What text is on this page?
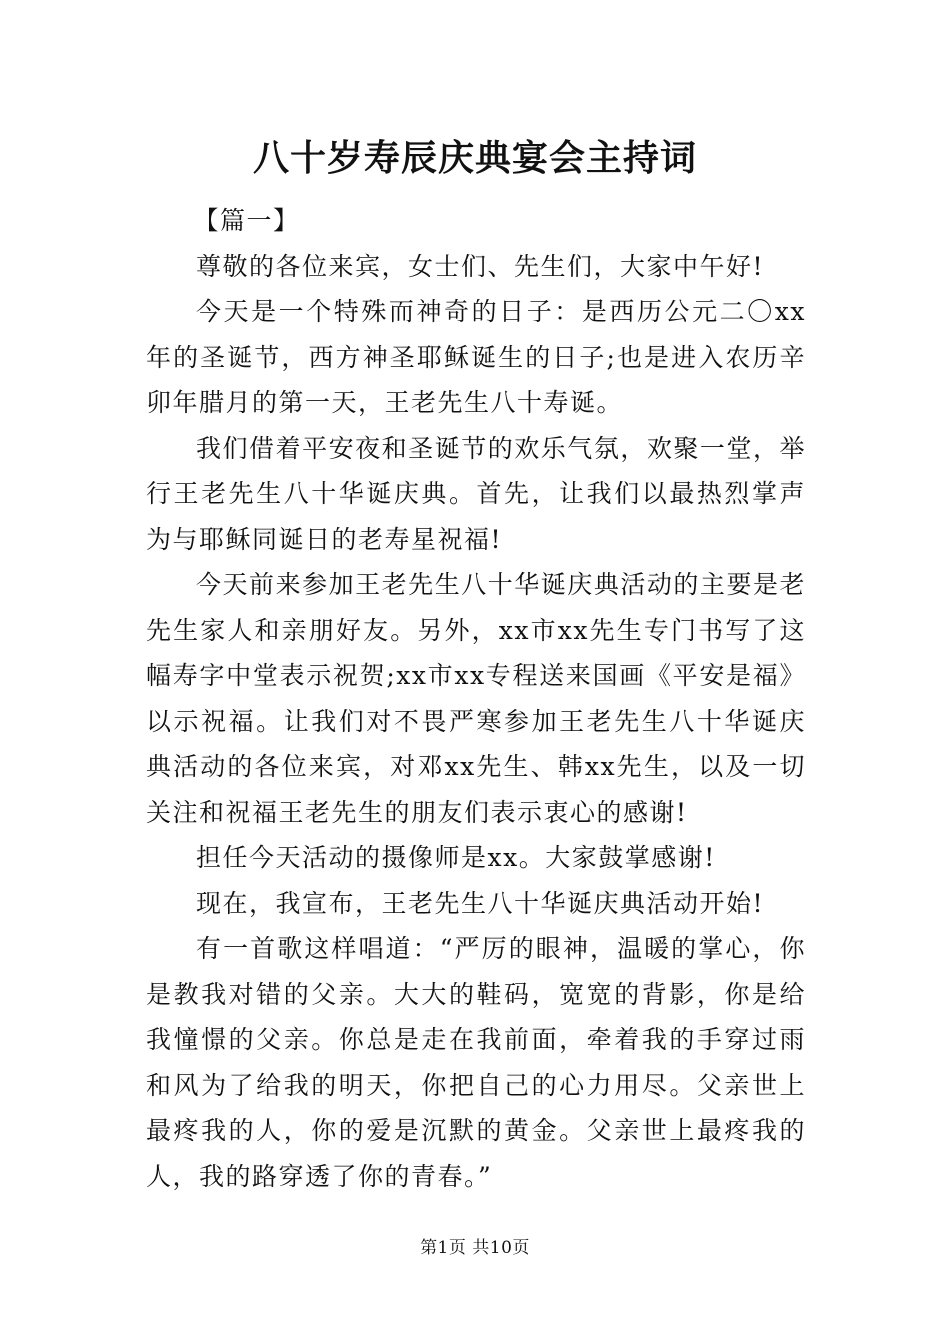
八十岁寿辰庆典宴会主持词

【篇一】

尊敬的各位来宾，女士们、先生们，大家中午好!

今天是一个特殊而神奇的日子：是西历公元二〇xx年的圣诞节，西方神圣耶稣诞生的日子;也是进入农历辛卯年腊月的第一天，王老先生八十寿诞。

我们借着平安夜和圣诞节的欢乐气氛，欢聚一堂，举行王老先生八十华诞庆典。首先，让我们以最热烈掌声为与耶稣同诞日的老寿星祝福!

今天前来参加王老先生八十华诞庆典活动的主要是老先生家人和亲朋好友。另外，xx市xx先生专门书写了这幅寿字中堂表示祝贺;xx市xx专程送来国画《平安是福》以示祝福。让我们对不畏严寒参加王老先生八十华诞庆典活动的各位来宾，对邓xx先生、韩xx先生，以及一切关注和祝福王老先生的朋友们表示衷心的感谢!

担任今天活动的摄像师是xx。大家鼓掌感谢!

现在，我宣布，王老先生八十华诞庆典活动开始!

有一首歌这样唱道：“严厉的眼神，温暖的掌心，你是教我对错的父亲。大大的鞋码，宽宽的背影，你是给我憧憬的父亲。你总是走在我前面，牵着我的手穿过雨和风为了给我的明天，你把自己的心力用尽。父亲世上最疼我的人，你的爱是沉默的黄金。父亲世上最疼我的人，我的路穿透了你的青春。”

第1页 共10页
